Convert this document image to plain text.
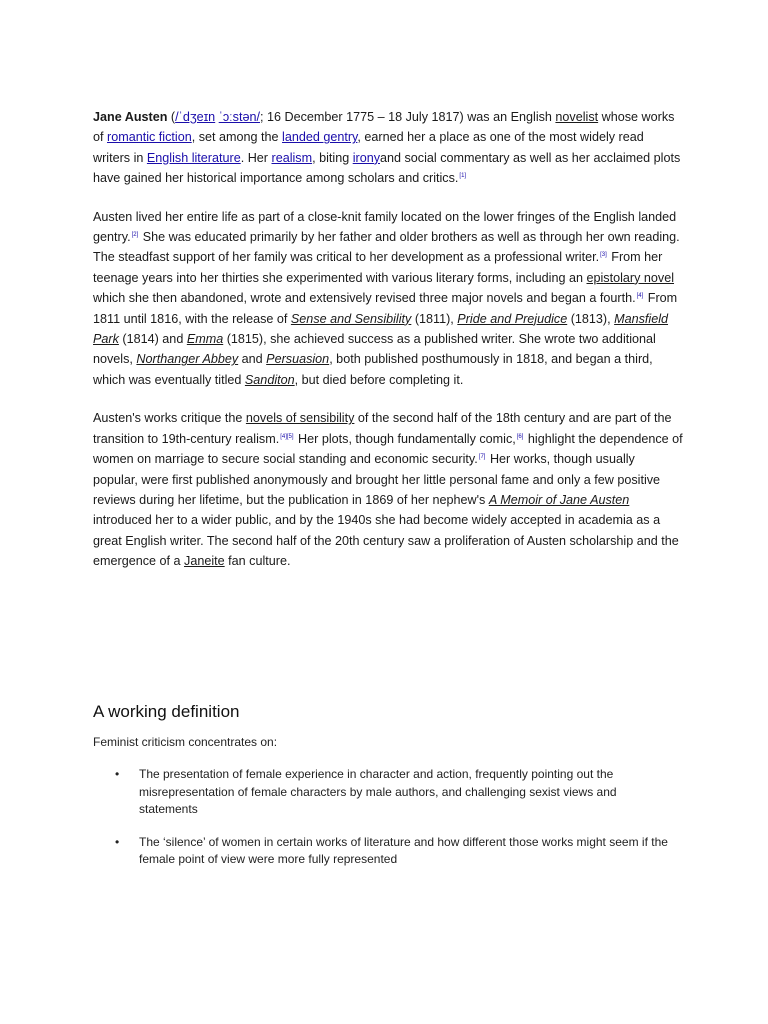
Jane Austen (/ˈdʒeɪn ˈɔːstən/; 16 December 1775 – 18 July 1817) was an English novelist whose works of romantic fiction, set among the landed gentry, earned her a place as one of the most widely read writers in English literature. Her realism, biting ironyand social commentary as well as her acclaimed plots have gained her historical importance among scholars and critics.[1]

Austen lived her entire life as part of a close-knit family located on the lower fringes of the English landed gentry.[2] She was educated primarily by her father and older brothers as well as through her own reading. The steadfast support of her family was critical to her development as a professional writer.[3] From her teenage years into her thirties she experimented with various literary forms, including an epistolary novel which she then abandoned, wrote and extensively revised three major novels and began a fourth.[4] From 1811 until 1816, with the release of Sense and Sensibility (1811), Pride and Prejudice (1813), Mansfield Park (1814) and Emma (1815), she achieved success as a published writer. She wrote two additional novels, Northanger Abbey and Persuasion, both published posthumously in 1818, and began a third, which was eventually titled Sanditon, but died before completing it.

Austen's works critique the novels of sensibility of the second half of the 18th century and are part of the transition to 19th-century realism.[4][5] Her plots, though fundamentally comic,[6] highlight the dependence of women on marriage to secure social standing and economic security.[7] Her works, though usually popular, were first published anonymously and brought her little personal fame and only a few positive reviews during her lifetime, but the publication in 1869 of her nephew's A Memoir of Jane Austen introduced her to a wider public, and by the 1940s she had become widely accepted in academia as a great English writer. The second half of the 20th century saw a proliferation of Austen scholarship and the emergence of a Janeite fan culture.

A working definition

Feminist criticism concentrates on:

• The presentation of female experience in character and action, frequently pointing out the misrepresentation of female characters by male authors, and challenging sexist views and statements
• The ‘silence’ of women in certain works of literature and how different those works might seem if the female point of view were more fully represented
